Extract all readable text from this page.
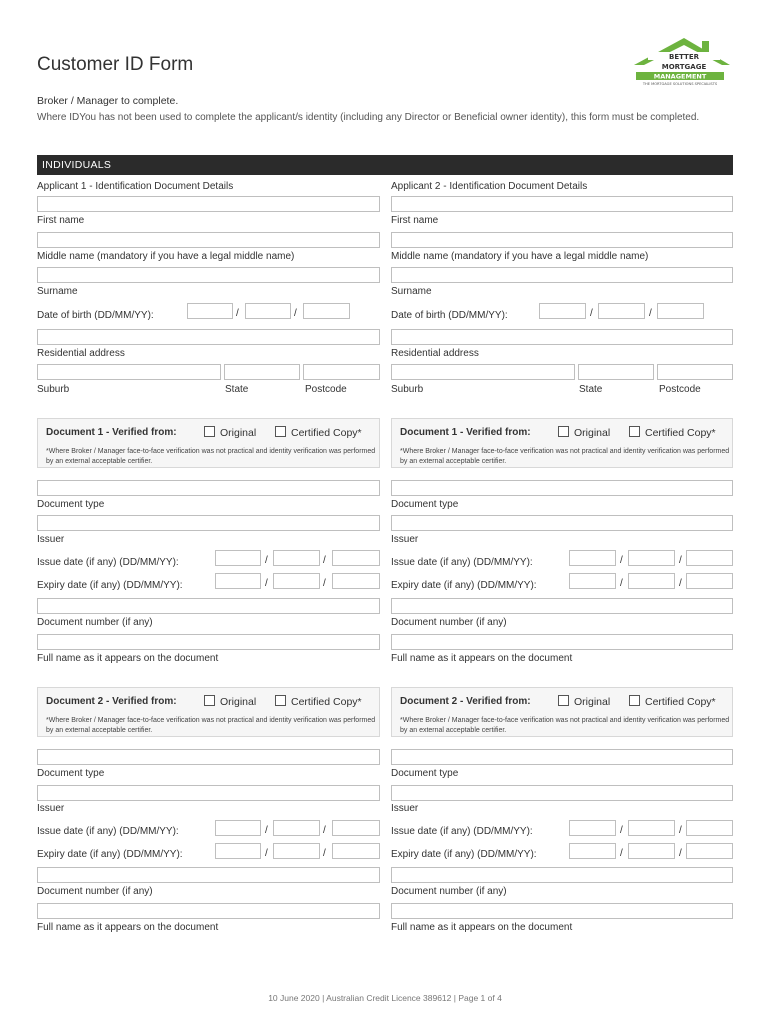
Customer ID Form	BETTER
MORTGAGE
MANAGEMENT
THE MORTGAGE SOLUTIONS SPECIALISTS
Broker / Manager to complete.
Where IDYou has not been used to complete the applicant/s identity (including any Director or Beneficial owner identity), this form must be completed.
INDIVIDUALS
Applicant 1 - Identification Document Details
First name
Middle name (mandatory if you have a legal middle name)
Surname
Date of birth (DD/MM/YY):	/	/
Residential address
Suburb	State	Postcode
Document 1 - Verified from:	Original	Certified Copy*
*Where Broker / Manager face-to-face verification was not practical and identity verification was performed by an external acceptable certifier.
Document type
Issuer
Issue date (if any) (DD/MM/YY):	/	/
Expiry date (if any) (DD/MM/YY):	/	/
Document number (if any)
Full name as it appears on the document
Document 2 - Verified from:	Original	Certified Copy*
*Where Broker / Manager face-to-face verification was not practical and identity verification was performed by an external acceptable certifier.
Document type
Issuer
Issue date (if any) (DD/MM/YY):	/	/
Expiry date (if any) (DD/MM/YY):	/	/
Document number (if any)
Full name as it appears on the document
Applicant 2 - Identification Document Details
First name
Middle name (mandatory if you have a legal middle name)
Surname
Date of birth (DD/MM/YY):	/	/
Residential address
Suburb	State	Postcode
Document 1 - Verified from:	Original	Certified Copy*
*Where Broker / Manager face-to-face verification was not practical and identity verification was performed by an external acceptable certifier.
Document type
Issuer
Issue date (if any) (DD/MM/YY):	/	/
Expiry date (if any) (DD/MM/YY):	/	/
Document number (if any)
Full name as it appears on the document
Document 2 - Verified from:	Original	Certified Copy*
*Where Broker / Manager face-to-face verification was not practical and identity verification was performed by an external acceptable certifier.
Document type
Issuer
Issue date (if any) (DD/MM/YY):	/	/
Expiry date (if any) (DD/MM/YY):	/	/
Document number (if any)
Full name as it appears on the document
10 June 2020 | Australian Credit Licence 389612 | Page 1 of 4
